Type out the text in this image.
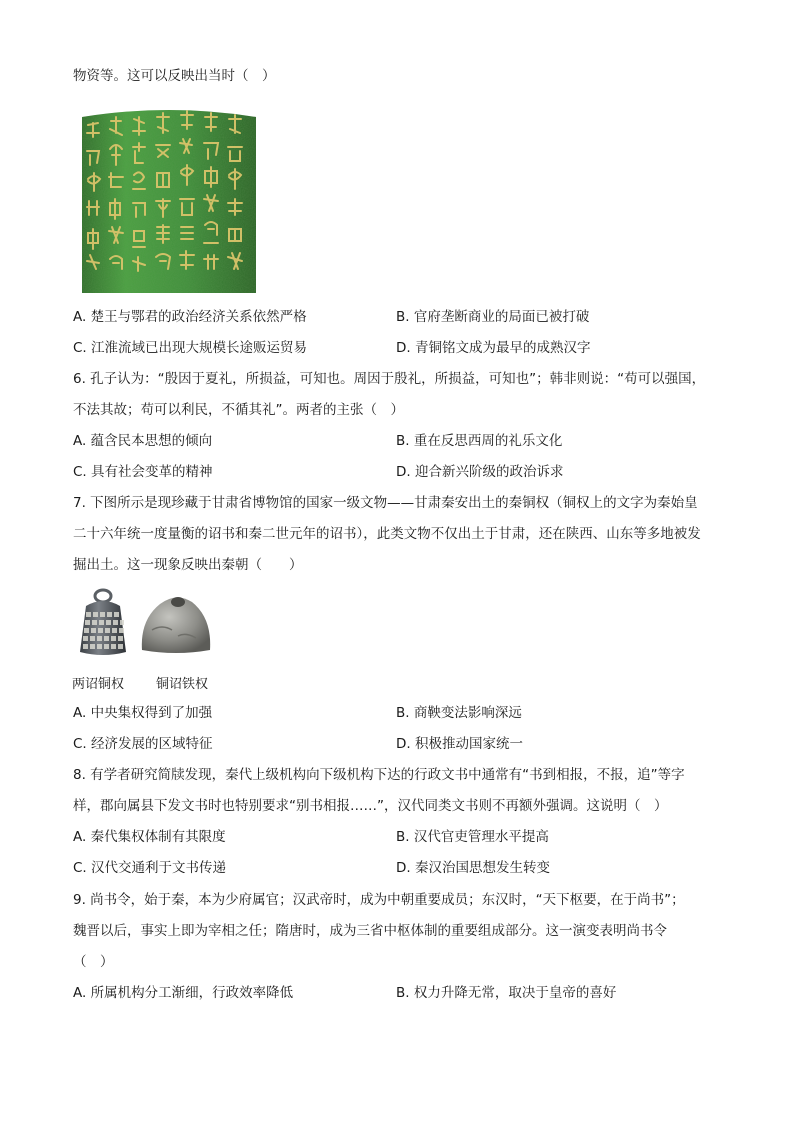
物资等。这可以反映出当时（　）
A. 楚王与鄂君的政治经济关系依然严格	B. 官府垄断商业的局面已被打破
C. 江淮流域已出现大规模长途贩运贸易	D. 青铜铭文成为最早的成熟汉字
6. 孔子认为：“殷因于夏礼，所损益，可知也。周因于殷礼，所损益，可知也”；韩非则说：“苟可以强国，
不法其故；苟可以利民，不循其礼”。两者的主张（　）
A. 蕴含民本思想的倾向	B. 重在反思西周的礼乐文化
C. 具有社会变革的精神	D. 迎合新兴阶级的政治诉求
7. 下图所示是现珍藏于甘肃省博物馆的国家一级文物——甘肃秦安出土的秦铜权（铜权上的文字为秦始皇
二十六年统一度量衡的诏书和秦二世元年的诏书），此类文物不仅出土于甘肃，还在陕西、山东等多地被发
掘出土。这一现象反映出秦朝（　　）
两诏铜权 铜诏铁权
A. 中央集权得到了加强	B. 商鞅变法影响深远
C. 经济发展的区域特征	D. 积极推动国家统一
8. 有学者研究简牍发现，秦代上级机构向下级机构下达的行政文书中通常有“书到相报，不报，追”等字
样，郡向属县下发文书时也特别要求“别书相报……”，汉代同类文书则不再额外强调。这说明（　）
A. 秦代集权体制有其限度	B. 汉代官吏管理水平提高
C. 汉代交通利于文书传递	D. 秦汉治国思想发生转变
9. 尚书令，始于秦，本为少府属官；汉武帝时，成为中朝重要成员；东汉时，“天下枢要，在于尚书”；
魏晋以后，事实上即为宰相之任；隋唐时，成为三省中枢体制的重要组成部分。这一演变表明尚书令
（　）
A. 所属机构分工渐细，行政效率降低	B. 权力升降无常，取决于皇帝的喜好
